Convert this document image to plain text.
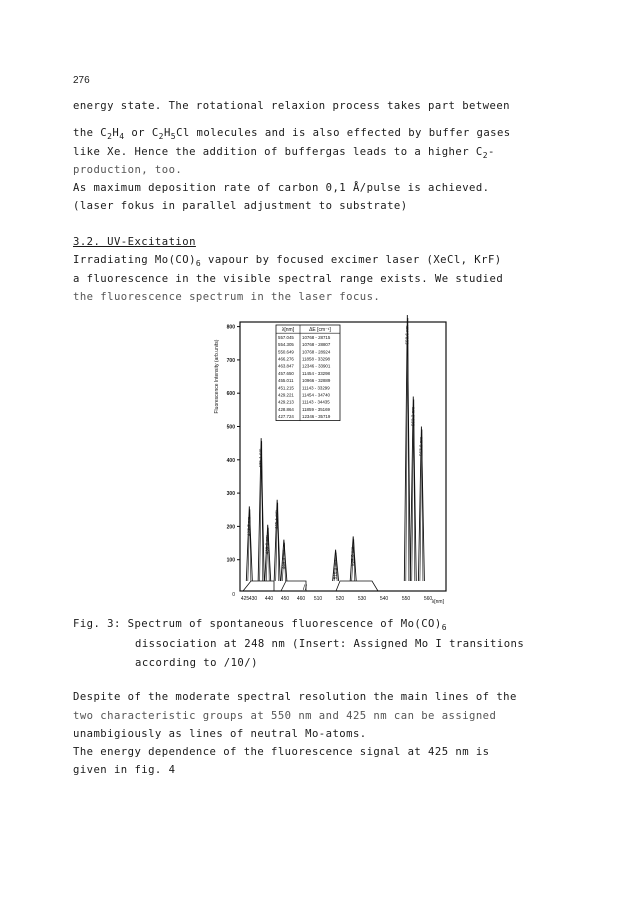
276
energy state. The rotational relaxion process takes part between
the $C_2H_4$ or $C_2H_5Cl$ molecules and is also effected by buffer gases
like Xe. Hence the addition of buffergas leads to a higher $C_2-$
production, too.
As maximum deposition rate of carbon 0,1 Å/pulse is achieved.
(laser fokus in parallel adjustment to substrate)
3.2. UV-Excitation
Irradiating $Mo(CO)_6$ vapour by focused excimer laser (XeCl, KrF)
a fluorescence in the visible spectral range exists. We studied
the fluorescence spectrum in the laser focus.
100
200
300
400
500
600
700
800
0
Fluorescence Intensity (arb.units)
425 430 440 450 460 510	520	530	540	550	560 λ[nm]
//
427.7 nm
435.1 nm
439.2 nm
445.1 nm
449.3 nm
518.0 nm
526.0 nm
550.6 nm
553.3 nm
557.0 nm
λ[nm]	ΔE [cm⁻¹]
557.045 10768 - 28715
554.305 10768 - 28807
550.649 10768 - 28924
466.276 11858 - 33298
463.847 12346 - 33901
457.650 11454 - 33298
455.011 10966 - 32889
451.215 11143 - 33299
429.221 11454 - 34740
429.213 11143 - 34435
428.864 11859 - 35169
427.724 12346 - 35719
Fig. 3: Spectrum of spontaneous fluorescence of $Mo(CO)_6$
dissociation at 248 nm (Insert: Assigned Mo I transitions
according to /10/)
Despite of the moderate spectral resolution the main lines of the
two characteristic groups at 550 nm and 425 nm can be assigned
unambigiously as lines of neutral Mo-atoms.
The energy dependence of the fluorescence signal at 425 nm is
given in fig. 4
